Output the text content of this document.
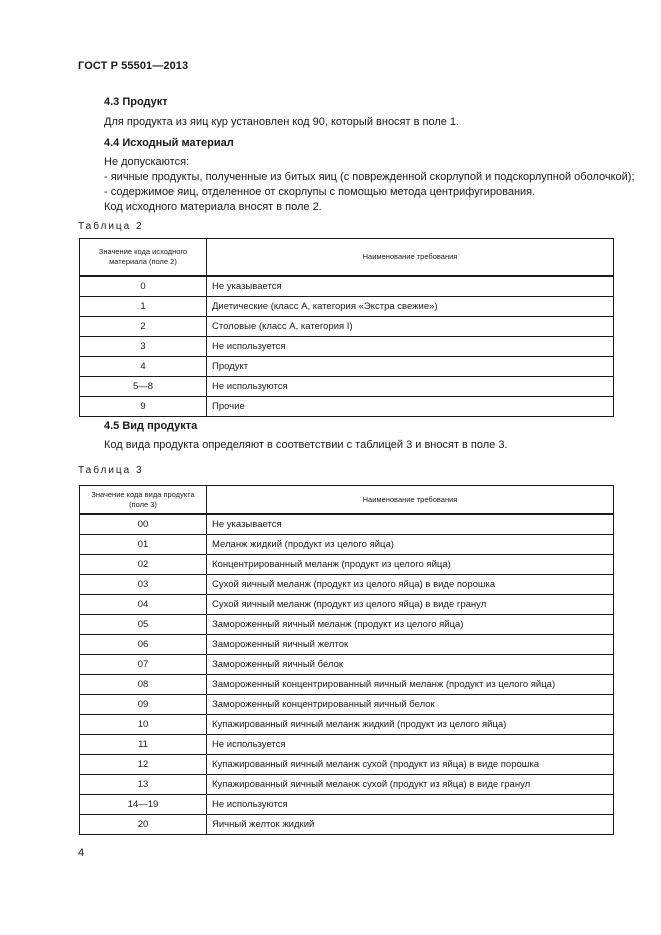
ГОСТ Р 55501—2013
4.3 Продукт
Для продукта из яиц кур установлен код 90, который вносят в поле 1.
4.4 Исходный материал
Не допускаются:
- яичные продукты, полученные из битых яиц (с поврежденной скорлупой и подскорлупной оболочкой);
- содержимое яиц, отделенное от скорлупы с помощью метода центрифугирования.
Код исходного материала вносят в поле 2.
Таблица 2
Значение кода исходного материала (поле 2)	Наименование требования
0	Не указывается
1	Диетические (класс А, категория «Экстра свежие»)
2	Столовые (класс А, категория I)
3	Не используется
4	Продукт
5—8	Не используются
9	Прочие
4.5 Вид продукта
Код вида продукта определяют в соответствии с таблицей 3 и вносят в поле 3.
Таблица 3
Значение кода вида продукта (поле 3)	Наименование требования
00	Не указывается
01	Меланж жидкий (продукт из целого яйца)
02	Концентрированный меланж (продукт из целого яйца)
03	Сухой яичный меланж (продукт из целого яйца) в виде порошка
04	Сухой яичный меланж (продукт из целого яйца) в виде гранул
05	Замороженный яичный меланж (продукт из целого яйца)
06	Замороженный яичный желток
07	Замороженный яичный белок
08	Замороженный концентрированный яичный меланж (продукт из целого яйца)
09	Замороженный концентрированный яичный белок
10	Купажированный яичный меланж жидкий (продукт из целого яйца)
11	Не используется
12	Купажированный яичный меланж сухой (продукт из яйца) в виде порошка
13	Купажированный яичный меланж сухой (продукт из яйца) в виде гранул
14—19	Не используются
20	Яичный желток жидкий
4
